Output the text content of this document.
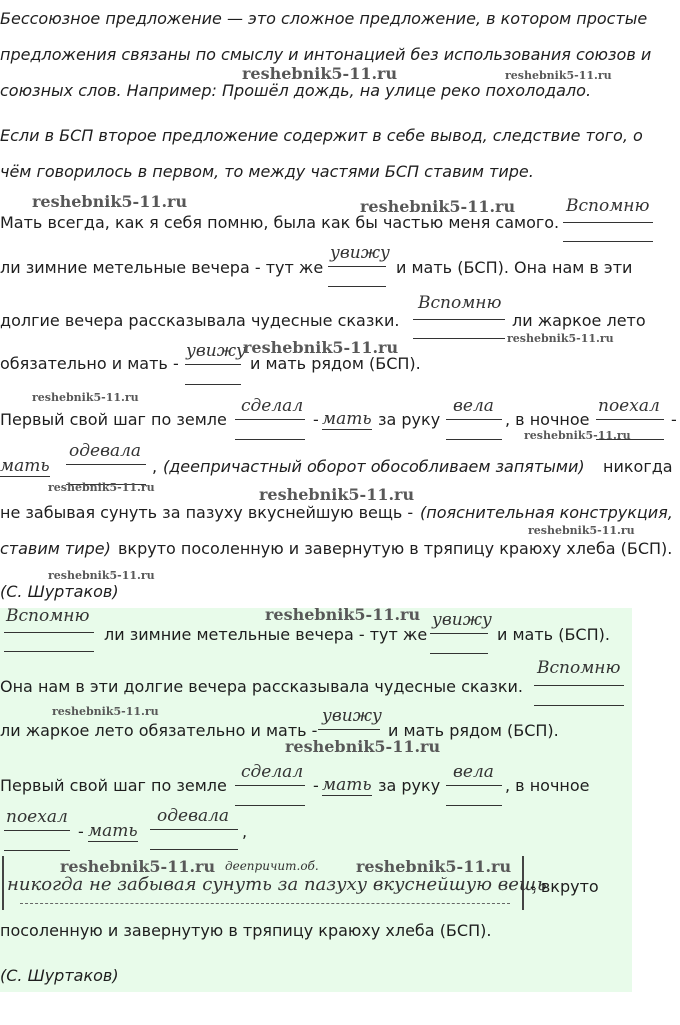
Бессоюзное предложение — это сложное предложение, в котором простые
предложения связаны по смыслу и интонацией без использования союзов и
союзных слов. Например: Прошёл дождь, на улице реко похолодало.
Если в БСП второе предложение содержит в себе вывод, следствие того, о
чём говорилось в первом, то между частями БСП ставим тире.
Мать всегда, как я себя помню, была как бы частью меня самого.
Вспомню
ли зимние метельные вечера - тут же
увижу
и мать (БСП). Она нам в эти
долгие вечера рассказывала чудесные сказки.
Вспомню
ли жаркое лето
обязательно и мать -
увижу
и мать рядом (БСП).
Первый свой шаг по земле
сделал
- мать за руку
вела
, в ночное
поехал
-
мать
одевала
, (деепричастный оборот обособливаем запятыми) никогда
не забывая сунуть за пазуху вкуснейшую вещь - (пояснительная конструкция,
ставим тире) вкруто посоленную и завернутую в тряпицу краюху хлеба (БСП).
(С. Шуртаков)
Вспомню
ли зимние метельные вечера - тут же
увижу
и мать (БСП).
Она нам в эти долгие вечера рассказывала чудесные сказки.
Вспомню
ли жаркое лето обязательно и мать -
увижу
и мать рядом (БСП).
Первый свой шаг по земле
сделал
- мать за руку
вела
, в ночное
поехал
- мать
одевала
,
деепричит.об.
никогда не забывая сунуть за пазуху вкуснейшую вещь
- вкруто
посоленную и завернутую в тряпицу краюху хлеба (БСП).
(С. Шуртаков)
reshebnik5-11.ru	reshebnik5-11.ru
reshebnik5-11.ru	reshebnik5-11.ru
reshebnik5-11.ru	reshebnik5-11.ru
reshebnik5-11.ru
reshebnik5-11.ru
reshebnik5-11.ru	reshebnik5-11.ru
reshebnik5-11.ru
reshebnik5-11.ru
reshebnik5-11.ru
reshebnik5-11.ru
reshebnik5-11.ru
reshebnik5-11.ru	reshebnik5-11.ru
